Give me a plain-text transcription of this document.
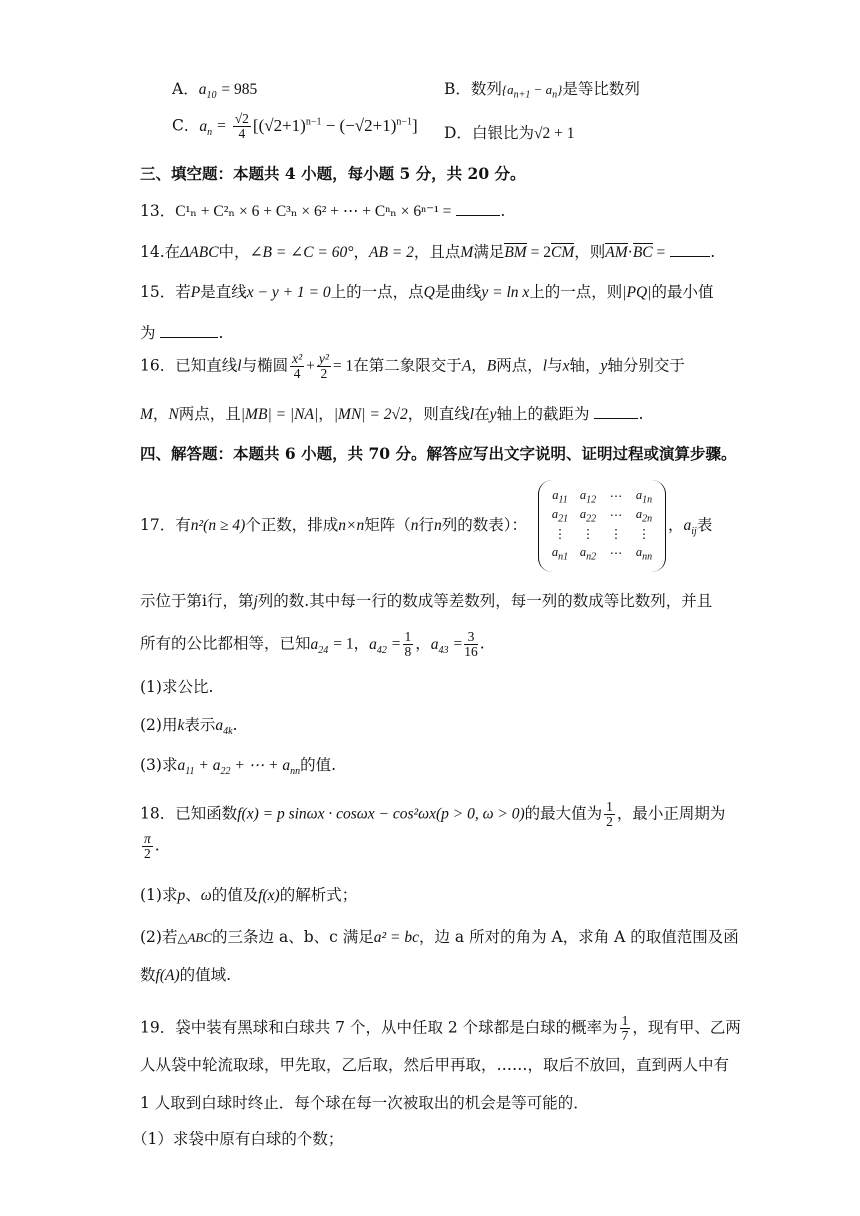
A．$a_{10} = 985$	B．数列$\{a_{n+1} - a_n\}$是等比数列
C．$a_n = \frac{√2}{4} [(√2+1)^{n-1} - (-√2+1)^{n-1}]$ D．白银比为√2 + 1
三、填空题：本题共 4 小题，每小题 5 分，共 20 分。
13．C¹ₙ + C²ₙ × 6 + C³ₙ × 6² + ⋯ + Cⁿₙ × 6ⁿ⁻¹ =	.
14.在ΔABC中，∠B = ∠C = 60°，AB = 2，且点M满足BM = 2CM，则AM·BC =	.
15．若P是直线x − y + 1 = 0上的一点，点Q是曲线y = ln x上的一点，则|PQ|的最小值
为	.
16．已知直线l与椭圆 $\frac{\text{x²}}{4} + \frac{\text{y²}}{2} = 1$在第二象限交于A，B两点，l与x轴，y轴分别交于
M，N两点，且|MB| = |NA|，|MN| = 2√2，则直线l在y轴上的截距为	.
四、解答题：本题共 6 小题，共 70 分。解答应写出文字说明、证明过程或演算步骤。
17．有n²(n ≥ 4)个正数，排成n×n矩阵（n行n列的数表）：
$a_{11}$	$a_{12}$	⋯	$a_{1n}$
$a_{21}$	$a_{22}$	⋯	$a_{2n}$
⋮	⋮	⋮	⋮
$a_{n1}$	$a_{n2}$	⋯	$a_{nn}$
，$a_{ij}$表
示位于第i行，第j列的数.其中每一行的数成等差数列，每一列的数成等比数列，并且
所有的公比都相等，已知$a_{24} = 1$，$a_{42} = \frac{1}{8}$ ，$a_{43} = \frac{3}{16}$ .
(1)求公比.
(2)用k表示$a_{4k}$.
(3)求$a_{11} + a_{22}$ + ⋯ + $a_{nn}$的值.
18．已知函数f(x) = p sinωx · cosωx − cos²ωx(p > 0, ω > 0)的最大值为 $\frac{1}{2}$ ，最小正周期为
$\frac{\pi}{2}$ .
(1)求p、ω的值及f(x)的解析式；
(2)若△ABC的三条边 a、b、c 满足a² = bc，边 a 所对的角为 A，求角 A 的取值范围及函
数f(A)的值域.
19．袋中装有黑球和白球共 7 个，从中任取 2 个球都是白球的概率为 $\frac{1}{7}$ ，现有甲、乙两
人从袋中轮流取球，甲先取，乙后取，然后甲再取，……，取后不放回，直到两人中有
1 人取到白球时终止．每个球在每一次被取出的机会是等可能的．
（1）求袋中原有白球的个数；
